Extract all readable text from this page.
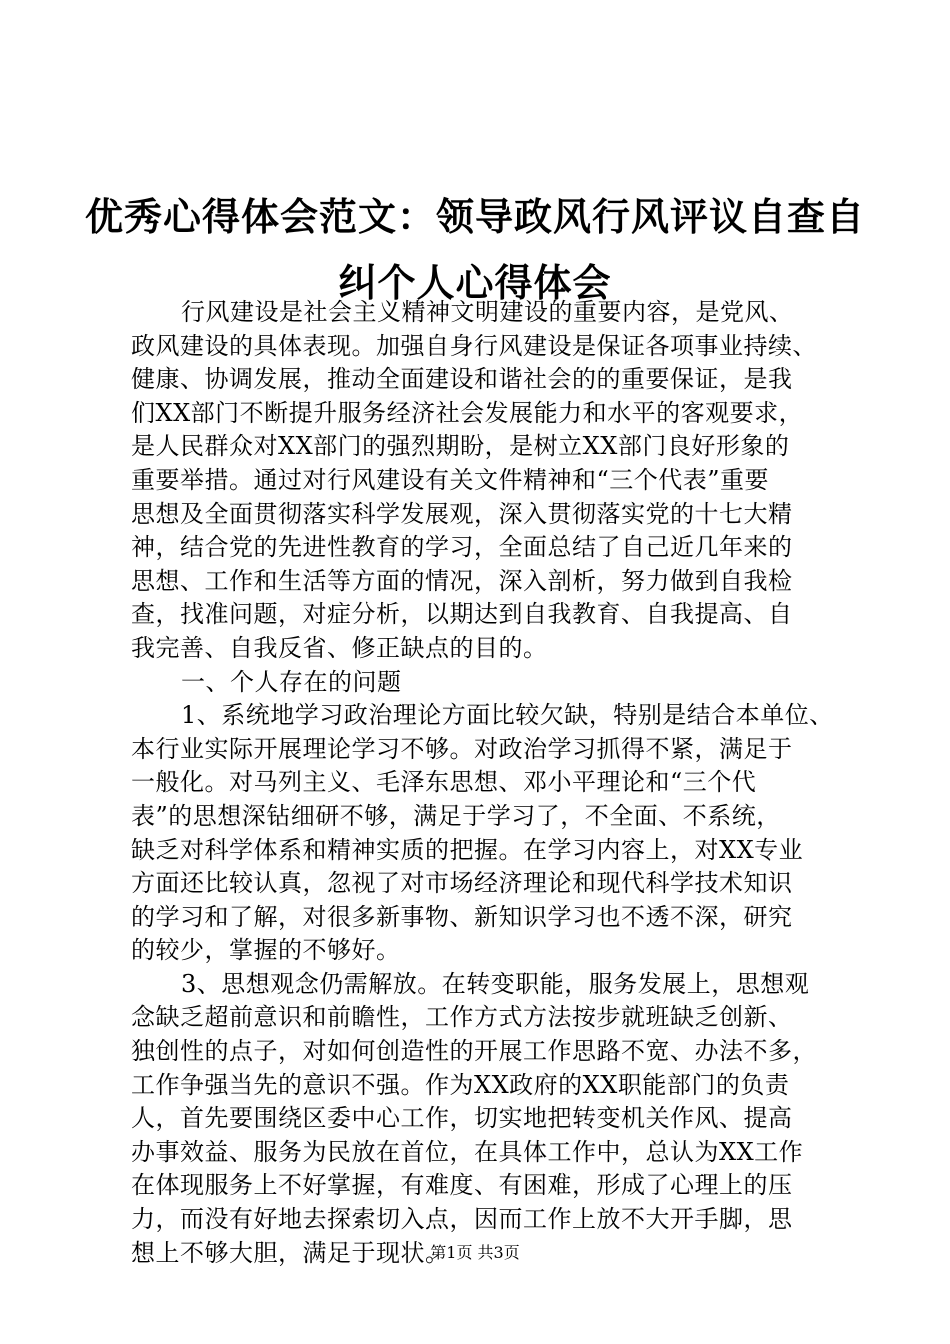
优秀心得体会范文：领导政风行风评议自查自
纠个人心得体会
行风建设是社会主义精神文明建设的重要内容，是党风、
政风建设的具体表现。加强自身行风建设是保证各项事业持续、
健康、协调发展，推动全面建设和谐社会的的重要保证，是我
们XX部门不断提升服务经济社会发展能力和水平的客观要求，
是人民群众对XX部门的强烈期盼，是树立XX部门良好形象的
重要举措。通过对行风建设有关文件精神和“三个代表”重要
思想及全面贯彻落实科学发展观，深入贯彻落实党的十七大精
神，结合党的先进性教育的学习，全面总结了自己近几年来的
思想、工作和生活等方面的情况，深入剖析，努力做到自我检
查，找准问题，对症分析，以期达到自我教育、自我提高、自
我完善、自我反省、修正缺点的目的。
一、个人存在的问题
1、系统地学习政治理论方面比较欠缺，特别是结合本单位、
本行业实际开展理论学习不够。对政治学习抓得不紧，满足于
一般化。对马列主义、毛泽东思想、邓小平理论和“三个代
表”的思想深钻细研不够，满足于学习了，不全面、不系统，
缺乏对科学体系和精神实质的把握。在学习内容上，对XX专业
方面还比较认真，忽视了对市场经济理论和现代科学技术知识
的学习和了解，对很多新事物、新知识学习也不透不深，研究
的较少，掌握的不够好。
3、思想观念仍需解放。在转变职能，服务发展上，思想观
念缺乏超前意识和前瞻性，工作方式方法按步就班缺乏创新、
独创性的点子，对如何创造性的开展工作思路不宽、办法不多，
工作争强当先的意识不强。作为XX政府的XX职能部门的负责
人，首先要围绕区委中心工作，切实地把转变机关作风、提高
办事效益、服务为民放在首位，在具体工作中，总认为XX工作
在体现服务上不好掌握，有难度、有困难，形成了心理上的压
力，而没有好地去探索切入点，因而工作上放不大开手脚，思
想上不够大胆，满足于现状。
第1页 共3页
